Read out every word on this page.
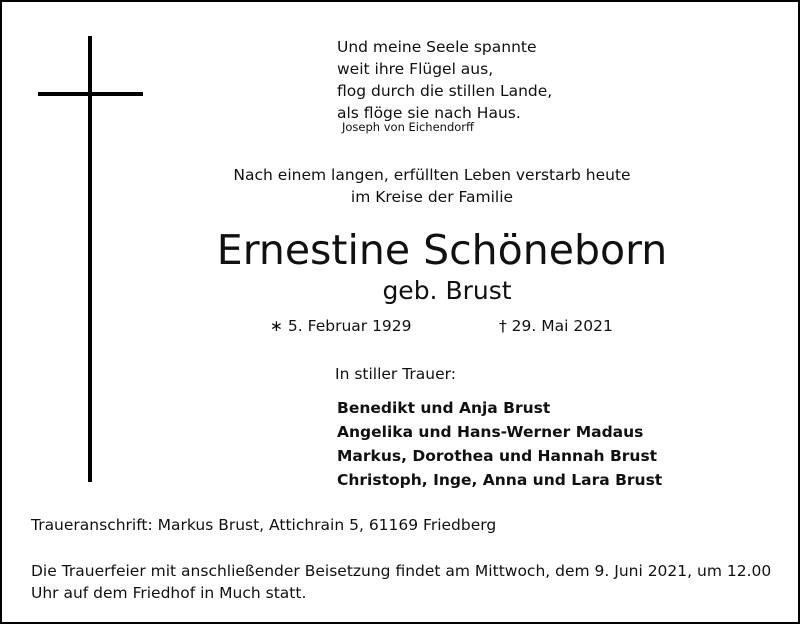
Und meine Seele spannte
weit ihre Flügel aus,
flog durch die stillen Lande,
als flöge sie nach Haus.
Joseph von Eichendorff
Nach einem langen, erfüllten Leben verstarb heute
im Kreise der Familie
Ernestine Schöneborn
geb. Brust
∗ 5. Februar 1929	† 29. Mai 2021
In stiller Trauer:
Benedikt und Anja Brust
Angelika und Hans-Werner Madaus
Markus, Dorothea und Hannah Brust
Christoph, Inge, Anna und Lara Brust
Traueranschrift: Markus Brust, Attichrain 5, 61169 Friedberg
Die Trauerfeier mit anschließender Beisetzung findet am Mittwoch, dem 9. Juni 2021, um 12.00 Uhr auf dem Friedhof in Much statt.
